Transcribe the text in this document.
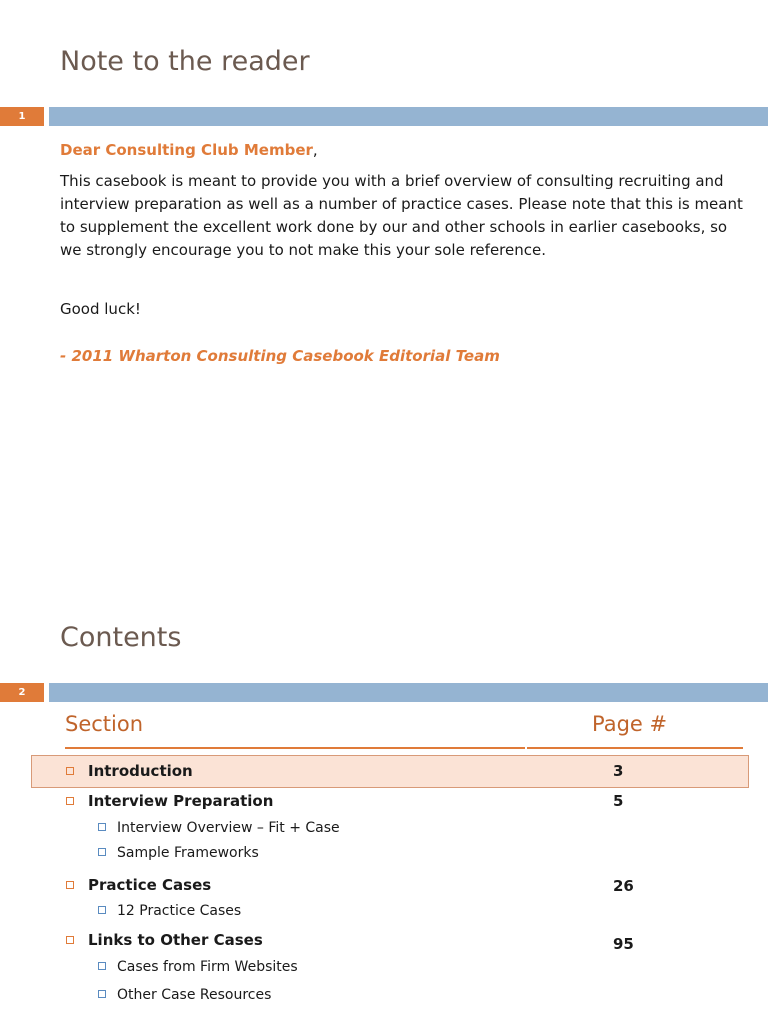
Note to the reader
1
Dear Consulting Club Member,
This casebook is meant to provide you with a brief overview of consulting recruiting and interview preparation as well as a number of practice cases. Please note that this is meant to supplement the excellent work done by our and other schools in earlier casebooks, so we strongly encourage you to not make this your sole reference.
Good luck!
- 2011 Wharton Consulting Casebook Editorial Team
Contents
2
Section	Page #
Introduction	3
Interview Preparation	5
Interview Overview – Fit + Case
Sample Frameworks
Practice Cases	26
12 Practice Cases
Links to Other Cases	95
Cases from Firm Websites
Other Case Resources
